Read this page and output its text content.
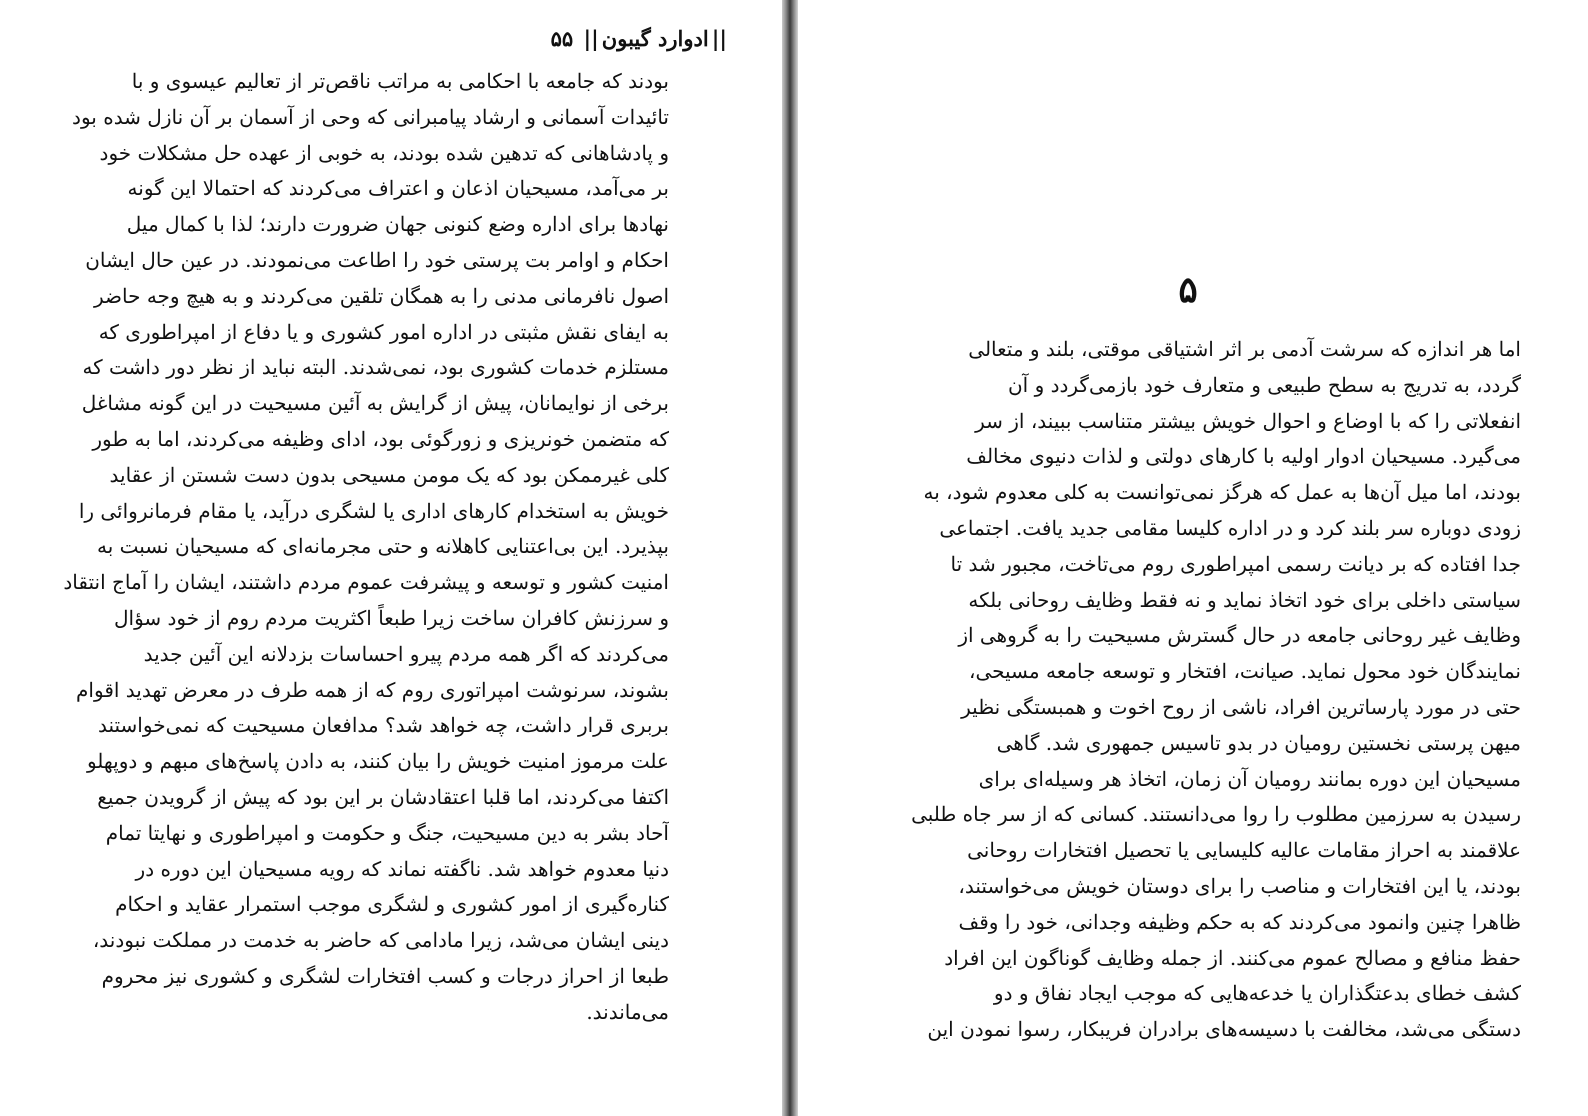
||ادوارد گیبون|| ۵۵
بودند که جامعه با احکامی به مراتب ناقص‌تر از تعالیم عیسوی و با
تائیدات آسمانی و ارشاد پیامبرانی که وحی از آسمان بر آن نازل شده بود
و پادشاهانی که تدهین شده بودند، به خوبی از عهده حل مشکلات خود
بر می‌آمد، مسیحیان اذعان و اعتراف می‌کردند که احتمالا این گونه
نهادها برای اداره وضع کنونی جهان ضرورت دارند؛ لذا با کمال میل
احکام و اوامر بت پرستی خود را اطاعت می‌نمودند. در عین حال ایشان
اصول نافرمانی مدنی را به همگان تلقین می‌کردند و به هیچ وجه حاضر
به ایفای نقش مثبتی در اداره امور کشوری و یا دفاع از امپراطوری که
مستلزم خدمات کشوری بود، نمی‌شدند. البته نباید از نظر دور داشت که
برخی از نوایمانان، پیش از گرایش به آئین مسیحیت در این گونه مشاغل
که متضمن خونریزی و زورگوئی بود، ادای وظیفه می‌کردند، اما به طور
کلی غیرممکن بود که یک مومن مسیحی بدون دست شستن از عقاید
خویش به استخدام کارهای اداری یا لشگری درآید، یا مقام فرمانروائی را
بپذیرد. این بی‌اعتنایی کاهلانه و حتی مجرمانه‌ای که مسیحیان نسبت به
امنیت کشور و توسعه و پیشرفت عموم مردم داشتند، ایشان را آماج انتقاد
و سرزنش کافران ساخت زیرا طبعاً اکثریت مردم روم از خود سؤال
می‌کردند که اگر همه مردم پیرو احساسات بزدلانه این آئین جدید
بشوند، سرنوشت امپراتوری روم که از همه طرف در معرض تهدید اقوام
بربری قرار داشت، چه خواهد شد؟ مدافعان مسیحیت که نمی‌خواستند
علت مرموز امنیت خویش را بیان کنند، به دادن پاسخ‌های مبهم و دوپهلو
اکتفا می‌کردند، اما قلبا اعتقادشان بر این بود که پیش از گرویدن جمیع
آحاد بشر به دین مسیحیت، جنگ و حکومت و امپراطوری و نهایتا تمام
دنیا معدوم خواهد شد. ناگفته نماند که رویه مسیحیان این دوره در
کناره‌گیری از امور کشوری و لشگری موجب استمرار عقاید و احکام
دینی ایشان می‌شد، زیرا مادامی که حاضر به خدمت در مملکت نبودند،
طبعا از احراز درجات و کسب افتخارات لشگری و کشوری نیز محروم
می‌ماندند.
۵
اما هر اندازه که سرشت آدمی بر اثر اشتیاقی موقتی، بلند و متعالی
گردد، به تدریج به سطح طبیعی و متعارف خود بازمی‌گردد و آن
انفعلاتی را که با اوضاع و احوال خویش بیشتر متناسب ببیند، از سر
می‌گیرد. مسیحیان ادوار اولیه با کارهای دولتی و لذات دنیوی مخالف
بودند، اما میل آن‌ها به عمل که هرگز نمی‌توانست به کلی معدوم شود، به
زودی دوباره سر بلند کرد و در اداره کلیسا مقامی جدید یافت. اجتماعی
جدا افتاده که بر دیانت رسمی امپراطوری روم می‌تاخت، مجبور شد تا
سیاستی داخلی برای خود اتخاذ نماید و نه فقط وظایف روحانی بلکه
وظایف غیر روحانی جامعه در حال گسترش مسیحیت را به گروهی از
نمایندگان خود محول نماید. صیانت، افتخار و توسعه جامعه مسیحی،
حتی در مورد پارساترین افراد، ناشی از روح اخوت و همبستگی نظیر
میهن پرستی نخستین رومیان در بدو تاسیس جمهوری شد. گاهی
مسیحیان این دوره بمانند رومیان آن زمان، اتخاذ هر وسیله‌ای برای
رسیدن به سرزمین مطلوب را روا می‌دانستند. کسانی که از سر جاه طلبی
علاقمند به احراز مقامات عالیه کلیسایی یا تحصیل افتخارات روحانی
بودند، یا این افتخارات و مناصب را برای دوستان خویش می‌خواستند،
ظاهرا چنین وانمود می‌کردند که به حکم وظیفه وجدانی، خود را وقف
حفظ منافع و مصالح عموم می‌کنند. از جمله وظایف گوناگون این افراد
کشف خطای بدعتگذاران یا خدعه‌هایی که موجب ایجاد نفاق و دو
دستگی می‌شد، مخالفت با دسیسه‌های برادران فریبکار، رسوا نمودن این
